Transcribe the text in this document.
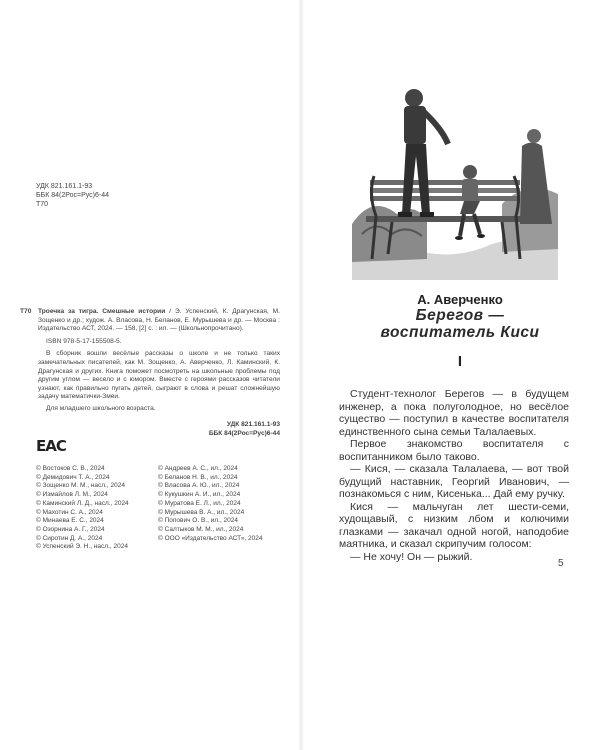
УДК 821.161.1-93
ББК 84(2Рос=Рус)6-44
Т70
Т70 Троечка за тигра. Смешные истории / Э. Успенский, К. Драгунская, М. Зощенко и др.; худож. А. Власова, Н. Беланов, Е. Мурышева и др. — Москва : Издательство АСТ, 2024. — 158, [2] с. : ил. — (Школьнопрочитано).

ISBN 978-5-17-155508-5.

В сборник вошли весёлые рассказы о школе и не только таких замечательных писателей, как М. Зощенко, А. Аверченко, Л. Каминский, К. Драгунская и других. Книга поможет посмотреть на школьные проблемы под другим углом — весело и с юмором. Вместе с героями рассказов читатели узнают, как правильно пугать детей, сыграют в слова и решат сложнейшую задачу математички-Змеи.

Для младшего школьного возраста.

УДК 821.161.1-93
ББК 84(2Рос=Рус)6-44
ЕАС
© Востоков С. В., 2024
© Демидович Т. А., 2024
© Зощенко М. М., насл., 2024
© Измайлов Л. М., 2024
© Каминский Л. Д., насл., 2024
© Махотин С. А., 2024
© Минаева Е. С., 2024
© Озорнина А. Г., 2024
© Сиротин Д. А., 2024
© Успенский Э. Н., насл., 2024
© Андреев А. С., ил., 2024
© Беланов Н. В., ил., 2024
© Власова А. Ю., ил., 2024
© Кукушкин А. И., ил., 2024
© Муратова Е. Л., ил., 2024
© Мурышева В. А., ил., 2024
© Попович О. В., ил., 2024
© Салтыков М. М., ил., 2024
© ООО «Издательство АСТ», 2024
А. Аверченко
Берегов —
воспитатель Киси
I

Студент-технолог Берегов — в будущем инженер, а пока полуголодное, но весёлое существо — поступил в качестве воспитателя единственного сына семьи Талалаевых.

Первое знакомство воспитателя с воспитанником было таково.

— Кися, — сказала Талалаева, — вот твой будущий наставник, Георгий Иванович, — познакомься с ним, Кисенька... Дай ему ручку.

Кися — мальчуган лет шести-семи, худощавый, с низким лбом и колючими глазками — закачал одной ногой, наподобие маятника, и сказал скрипучим голосом:

— Не хочу! Он — рыжий.

5
